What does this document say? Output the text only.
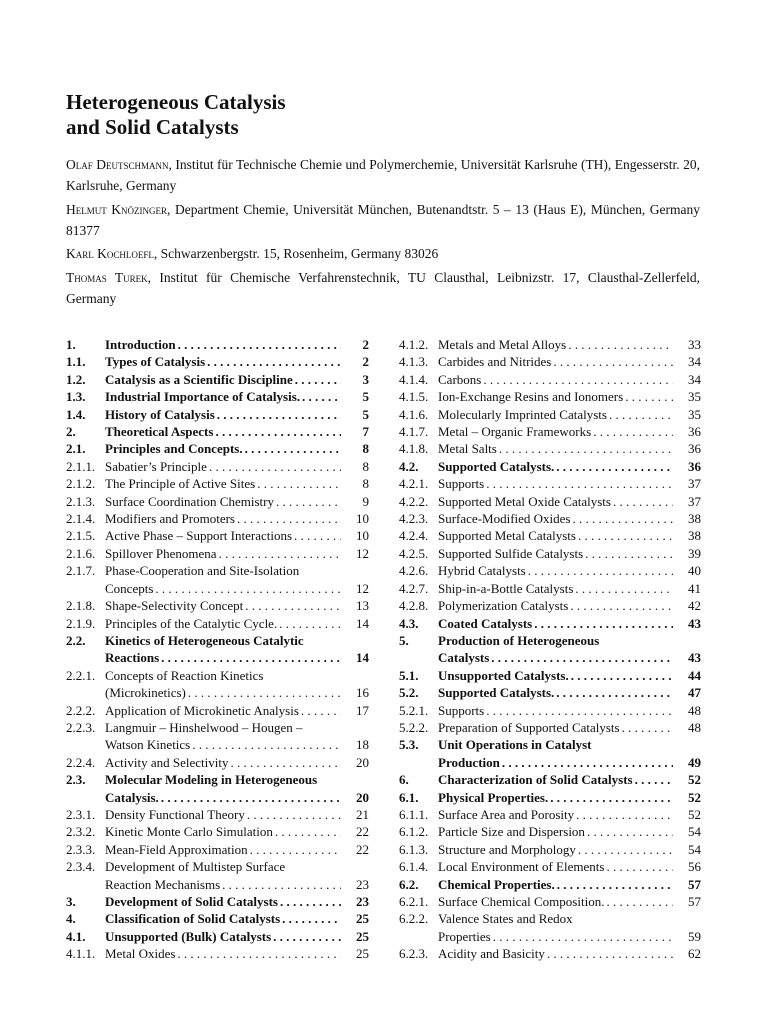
Heterogeneous Catalysis
and Solid Catalysts

Olaf Deutschmann, Institut für Technische Chemie und Polymerchemie, Universität Karlsruhe (TH), Engesserstr. 20, Karlsruhe, Germany

Helmut Knözinger, Department Chemie, Universität München, Butenandtstr. 5 – 13 (Haus E), München, Germany 81377

Karl Kochloefl, Schwarzenbergstr. 15, Rosenheim, Germany 83026

Thomas Turek, Institut für Chemische Verfahrenstechnik, TU Clausthal, Leibnizstr. 17, Clausthal-Zellerfeld, Germany

1. Introduction . . .	2
1.1. Types of Catalysis . . .	2
1.2. Catalysis as a Scientific Discipline . . .	3
1.3. Industrial Importance of Catalysis. . . .	5
1.4. History of Catalysis . . .	5
2. Theoretical Aspects . . .	7
2.1. Principles and Concepts. . . .	8
2.1.1. Sabatier’s Principle . . .	8
2.1.2. The Principle of Active Sites . . .	8
2.1.3. Surface Coordination Chemistry . . .	9
2.1.4. Modifiers and Promoters . . .	10
2.1.5. Active Phase – Support Interactions . . .	10
2.1.6. Spillover Phenomena . . .	12
2.1.7. Phase-Cooperation and Site-Isolation
Concepts . . .	12
2.1.8. Shape-Selectivity Concept . . .	13
2.1.9. Principles of the Catalytic Cycle. . . .	14
2.2. Kinetics of Heterogeneous Catalytic
Reactions . . .	14
2.2.1. Concepts of Reaction Kinetics
(Microkinetics) . . .	16
2.2.2. Application of Microkinetic Analysis . . .	17
2.2.3. Langmuir – Hinshelwood – Hougen –
Watson Kinetics . . .	18
2.2.4. Activity and Selectivity . . .	20
2.3. Molecular Modeling in Heterogeneous
Catalysis. . . .	20
2.3.1. Density Functional Theory . . .	21
2.3.2. Kinetic Monte Carlo Simulation . . .	22
2.3.3. Mean-Field Approximation . . .	22
2.3.4. Development of Multistep Surface
Reaction Mechanisms . . .	23
3. Development of Solid Catalysts . . .	23
4. Classification of Solid Catalysts . . .	25
4.1. Unsupported (Bulk) Catalysts . . .	25
4.1.1. Metal Oxides . . .	25
4.1.2. Metals and Metal Alloys . . .	33
4.1.3. Carbides and Nitrides . . .	34
4.1.4. Carbons . . .	34
4.1.5. Ion-Exchange Resins and Ionomers . . .	35
4.1.6. Molecularly Imprinted Catalysts . . .	35
4.1.7. Metal – Organic Frameworks . . .	36
4.1.8. Metal Salts . . .	36
4.2. Supported Catalysts. . . .	36
4.2.1. Supports . . .	37
4.2.2. Supported Metal Oxide Catalysts . . .	37
4.2.3. Surface-Modified Oxides . . .	38
4.2.4. Supported Metal Catalysts . . .	38
4.2.5. Supported Sulfide Catalysts . . .	39
4.2.6. Hybrid Catalysts . . .	40
4.2.7. Ship-in-a-Bottle Catalysts . . .	41
4.2.8. Polymerization Catalysts . . .	42
4.3. Coated Catalysts . . .	43
5. Production of Heterogeneous
Catalysts . . .	43
5.1. Unsupported Catalysts. . . .	44
5.2. Supported Catalysts. . . .	47
5.2.1. Supports . . .	48
5.2.2. Preparation of Supported Catalysts . . .	48
5.3. Unit Operations in Catalyst
Production . . .	49
6. Characterization of Solid Catalysts . . .	52
6.1. Physical Properties. . . .	52
6.1.1. Surface Area and Porosity . . .	52
6.1.2. Particle Size and Dispersion . . .	54
6.1.3. Structure and Morphology . . .	54
6.1.4. Local Environment of Elements . . .	56
6.2. Chemical Properties. . . .	57
6.2.1. Surface Chemical Composition. . . .	57
6.2.2. Valence States and Redox
Properties . . .	59
6.2.3. Acidity and Basicity . . .	62
